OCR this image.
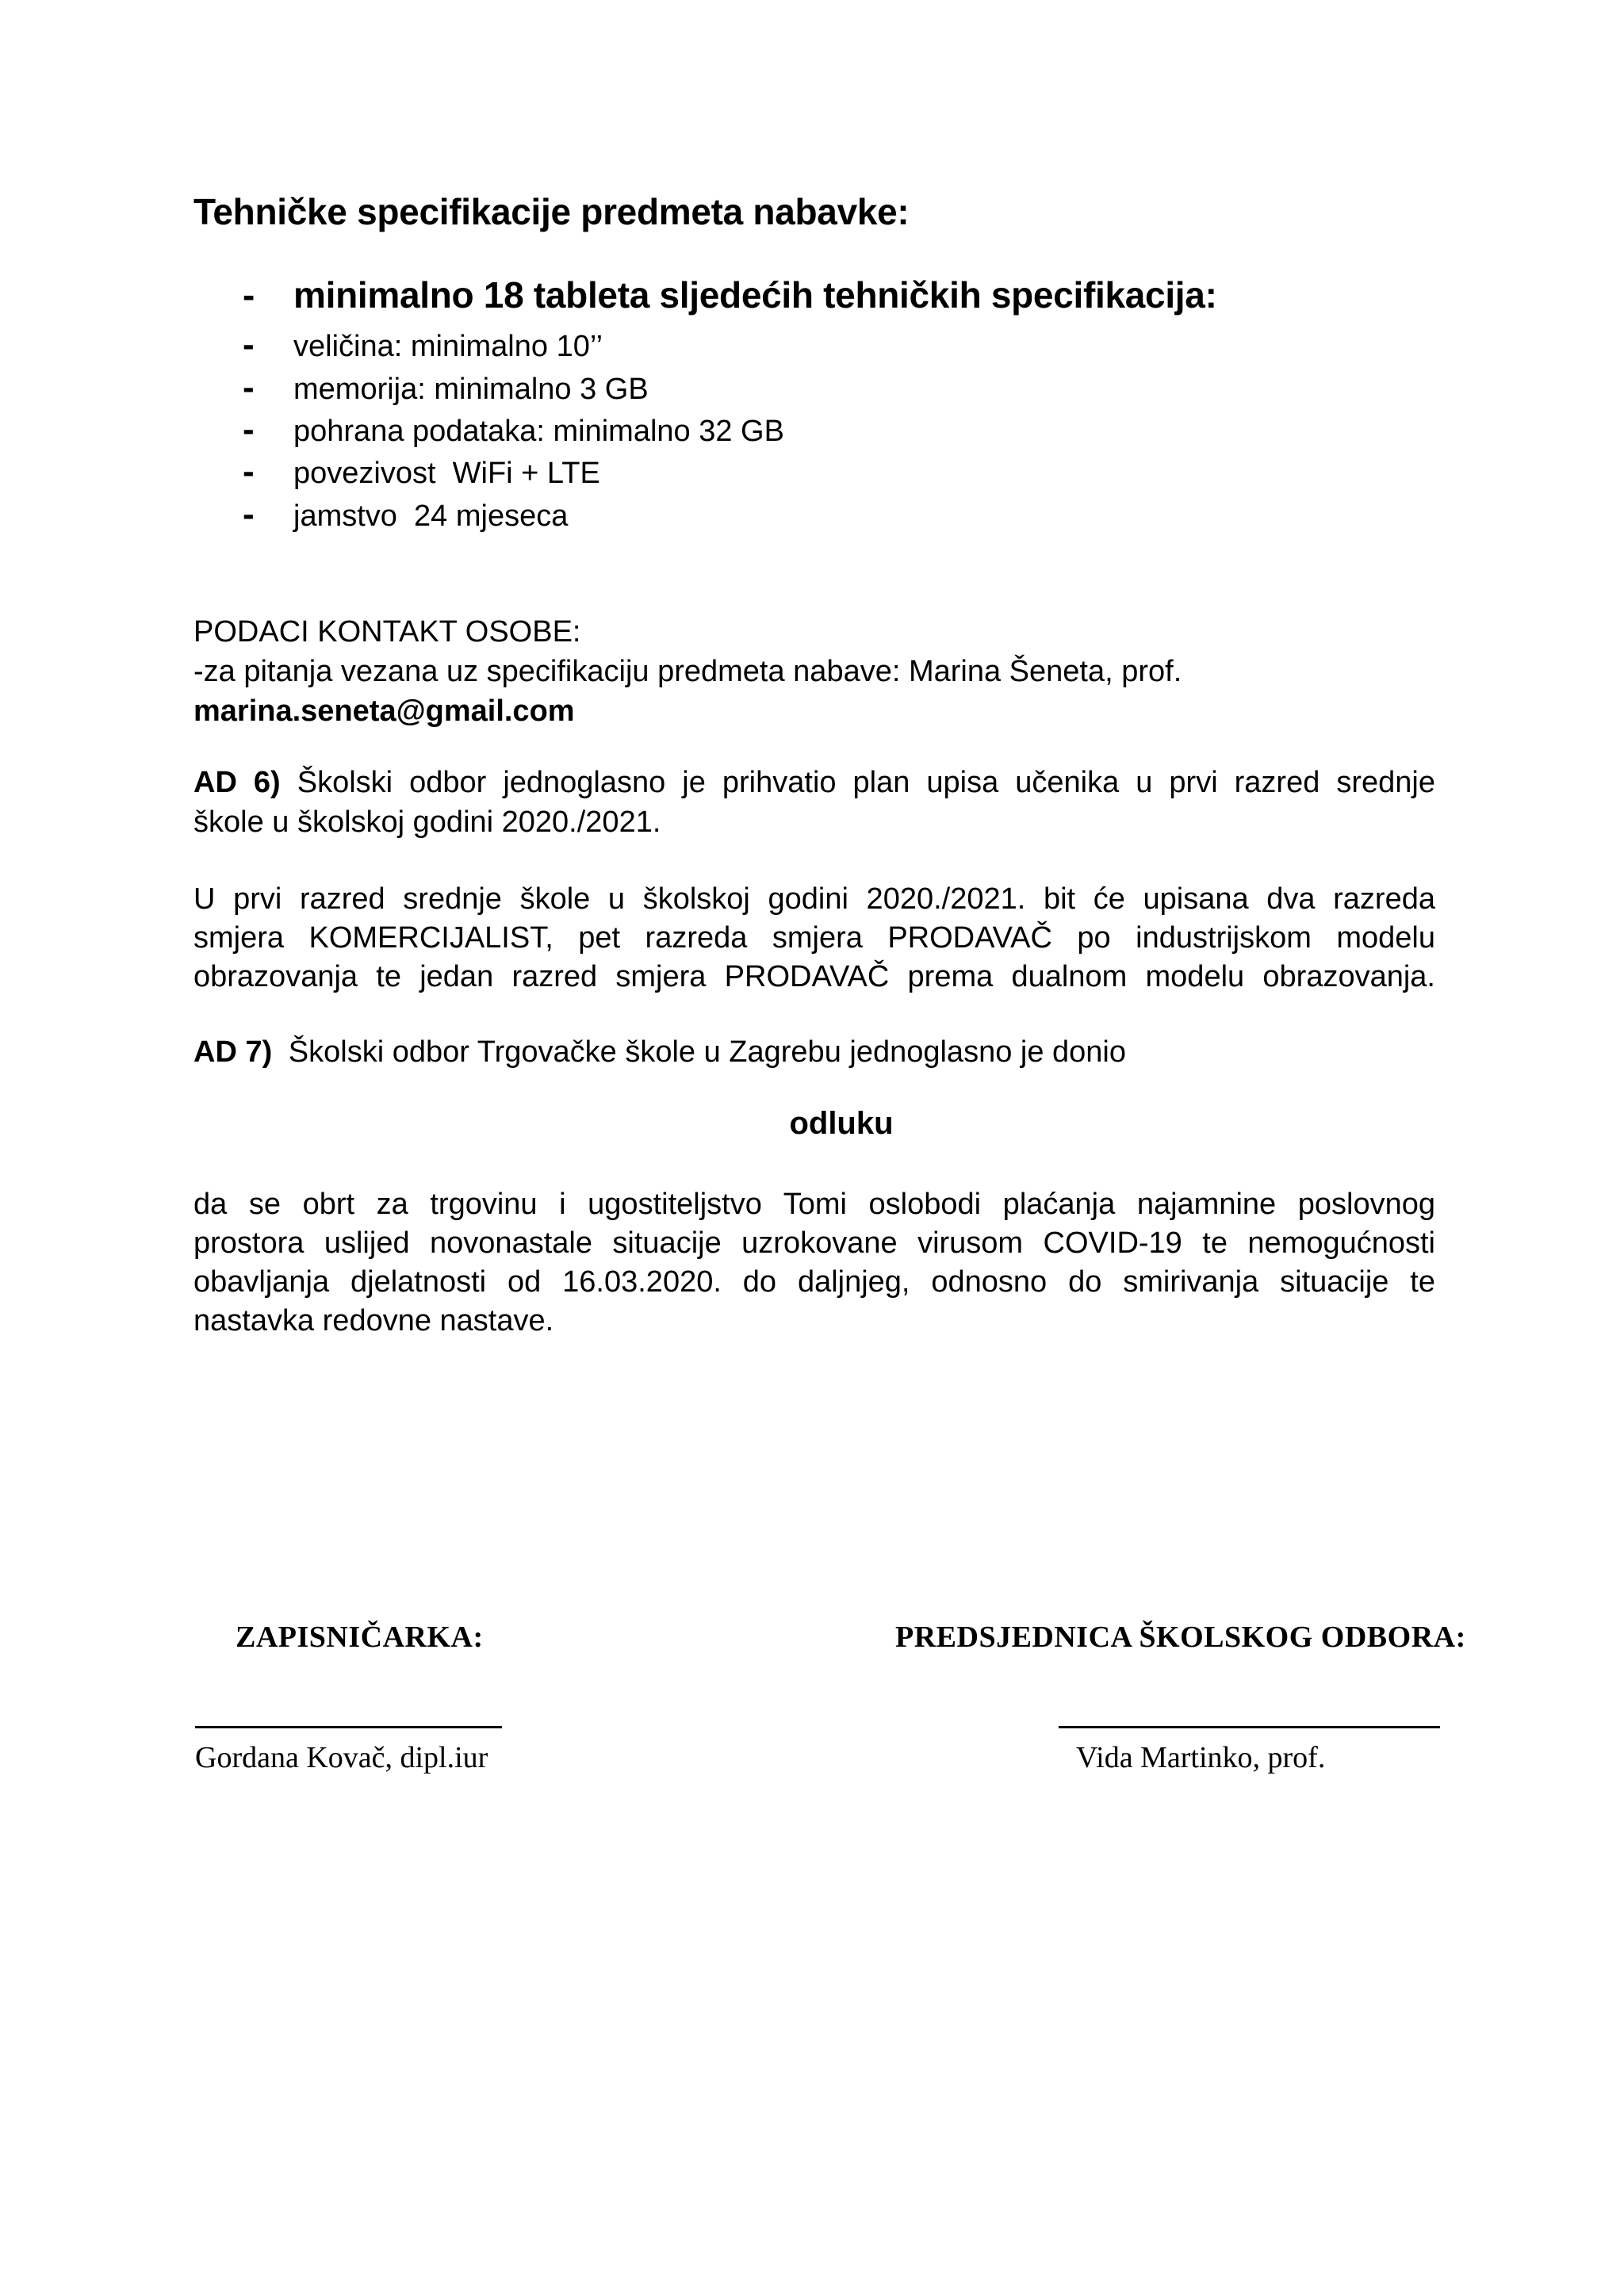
Tehničke specifikacije predmeta nabavke:
- minimalno 18 tableta sljedećih tehničkih specifikacija:
- veličina: minimalno 10’’
- memorija: minimalno 3 GB
- pohrana podataka: minimalno 32 GB
- povezivost  WiFi + LTE
- jamstvo  24 mjeseca
PODACI KONTAKT OSOBE:
-za pitanja vezana uz specifikaciju predmeta nabave: Marina Šeneta, prof.
marina.seneta@gmail.com
AD 6) Školski odbor jednoglasno je prihvatio plan upisa učenika u prvi razred srednje
škole u školskoj godini 2020./2021.
U prvi razred srednje škole u školskoj godini 2020./2021. bit će upisana dva razreda
smjera KOMERCIJALIST, pet razreda smjera PRODAVAČ po industrijskom modelu
obrazovanja te jedan razred smjera PRODAVAČ prema dualnom modelu obrazovanja.
AD 7) Školski odbor Trgovačke škole u Zagrebu jednoglasno je donio
odluku
da se obrt za trgovinu i ugostiteljstvo Tomi oslobodi plaćanja najamnine poslovnog
prostora uslijed novonastale situacije uzrokovane virusom COVID-19 te nemogućnosti
obavljanja djelatnosti od 16.03.2020. do daljnjeg, odnosno do smirivanja situacije te
nastavka redovne nastave.
ZAPISNIČARKA:	PREDSJEDNICA ŠKOLSKOG ODBORA:
Gordana Kovač, dipl.iur	Vida Martinko, prof.
